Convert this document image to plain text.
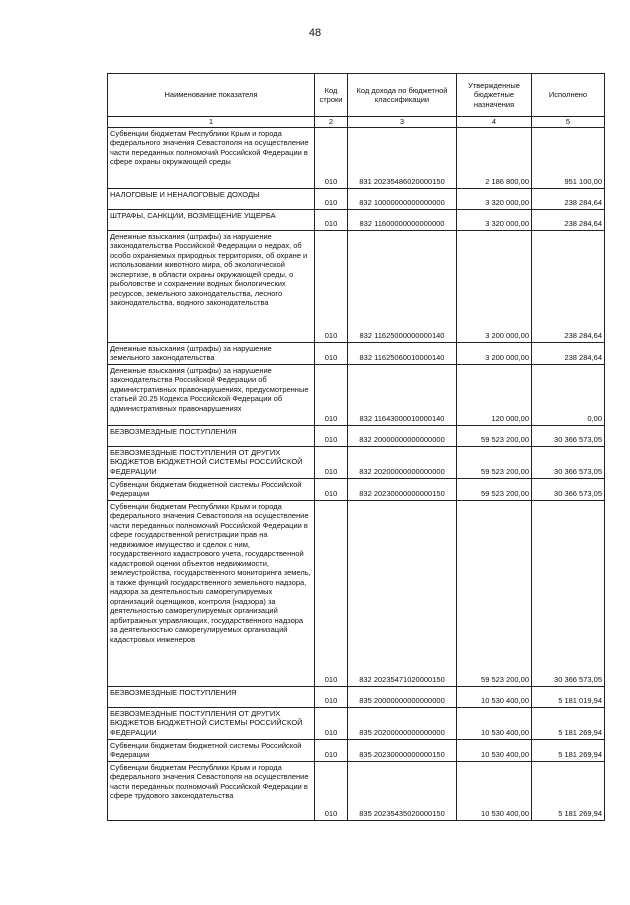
48
Наименование показателя	Код строки	Код дохода по бюджетной классификации	Утвержденные бюджетные назначения	Исполнено
1	2	3	4	5
Субвенции бюджетам Республики Крым и города федерального значения Севастополя на осуществление части переданных полномочий Российской Федерации в сфере охраны окружающей среды	010	831 20235486020000150	2 186 800,00	951 100,00
НАЛОГОВЫЕ И НЕНАЛОГОВЫЕ ДОХОДЫ	010	832 10000000000000000	3 320 000,00	238 284,64
ШТРАФЫ, САНКЦИИ, ВОЗМЕЩЕНИЕ УЩЕРБА	010	832 11600000000000000	3 320 000,00	238 284,64
Денежные взыскания (штрафы) за нарушение законодательства Российской Федерации о недрах, об особо охраняемых природных территориях, об охране и использовании животного мира, об экологической экспертизе, в области охраны окружающей среды, о рыболовстве и сохранении водных биологических ресурсов, земельного законодательства, лесного законодательства, водного законодательства	010	832 11625000000000140	3 200 000,00	238 284,64
Денежные взыскания (штрафы) за нарушение земельного законодательства	010	832 11625060010000140	3 200 000,00	238 284,64
Денежные взыскания (штрафы) за нарушение законодательства Российской Федерации об административных правонарушениях, предусмотренные статьей 20.25 Кодекса Российской Федерации об административных правонарушениях	010	832 11643000010000140	120 000,00	0,00
БЕЗВОЗМЕЗДНЫЕ ПОСТУПЛЕНИЯ	010	832 20000000000000000	59 523 200,00	30 366 573,05
БЕЗВОЗМЕЗДНЫЕ ПОСТУПЛЕНИЯ ОТ ДРУГИХ БЮДЖЕТОВ БЮДЖЕТНОЙ СИСТЕМЫ РОССИЙСКОЙ ФЕДЕРАЦИИ	010	832 20200000000000000	59 523 200,00	30 366 573,05
Субвенции бюджетам бюджетной системы Российской Федерации	010	832 20230000000000150	59 523 200,00	30 366 573,05
Субвенции бюджетам Республики Крым и города федерального значения Севастополя на осуществление части переданных полномочий Российской Федерации в сфере государственной регистрации прав на недвижимое имущество и сделок с ним, государственного кадастрового учета, государственной кадастровой оценки объектов недвижимости, землеустройства, государственного мониторинга земель, а также функций государственного земельного надзора, надзора за деятельностью саморегулируемых организаций оценщиков, контроля (надзора) за деятельностью саморегулируемых организаций арбитражных управляющих, государственного надзора за деятельностью саморегулируемых организаций кадастровых инженеров	010	832 20235471020000150	59 523 200,00	30 366 573,05
БЕЗВОЗМЕЗДНЫЕ ПОСТУПЛЕНИЯ	010	835 20000000000000000	10 530 400,00	5 181 019,94
БЕЗВОЗМЕЗДНЫЕ ПОСТУПЛЕНИЯ ОТ ДРУГИХ БЮДЖЕТОВ БЮДЖЕТНОЙ СИСТЕМЫ РОССИЙСКОЙ ФЕДЕРАЦИИ	010	835 20200000000000000	10 530 400,00	5 181 269,94
Субвенции бюджетам бюджетной системы Российской Федерации	010	835 20230000000000150	10 530 400,00	5 181 269,94
Субвенции бюджетам Республики Крым и города федерального значения Севастополя на осуществление части переданных полномочий Российской Федерации в сфере трудового законодательства	010	835 20235435020000150	10 530 400,00	5 181 269,94
